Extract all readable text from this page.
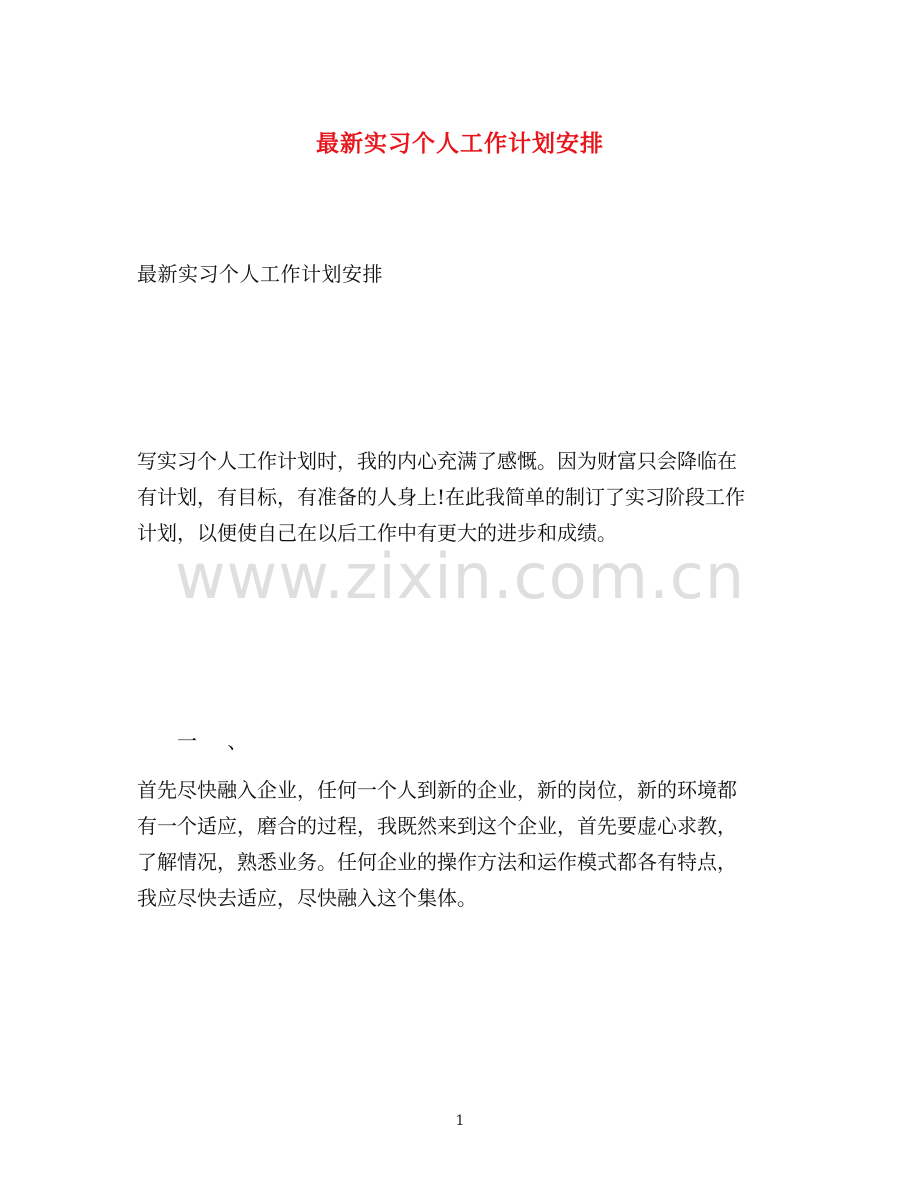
最新实习个人工作计划安排
最新实习个人工作计划安排
写实习个人工作计划时，我的内心充满了感慨。因为财富只会降临在
有计划，有目标，有准备的人身上!在此我简单的制订了实习阶段工作
计划，以便使自己在以后工作中有更大的进步和成绩。
www.zixin.com.cn
一 、
首先尽快融入企业，任何一个人到新的企业，新的岗位，新的环境都
有一个适应，磨合的过程，我既然来到这个企业，首先要虚心求教，
了解情况，熟悉业务。任何企业的操作方法和运作模式都各有特点，
我应尽快去适应，尽快融入这个集体。
1
